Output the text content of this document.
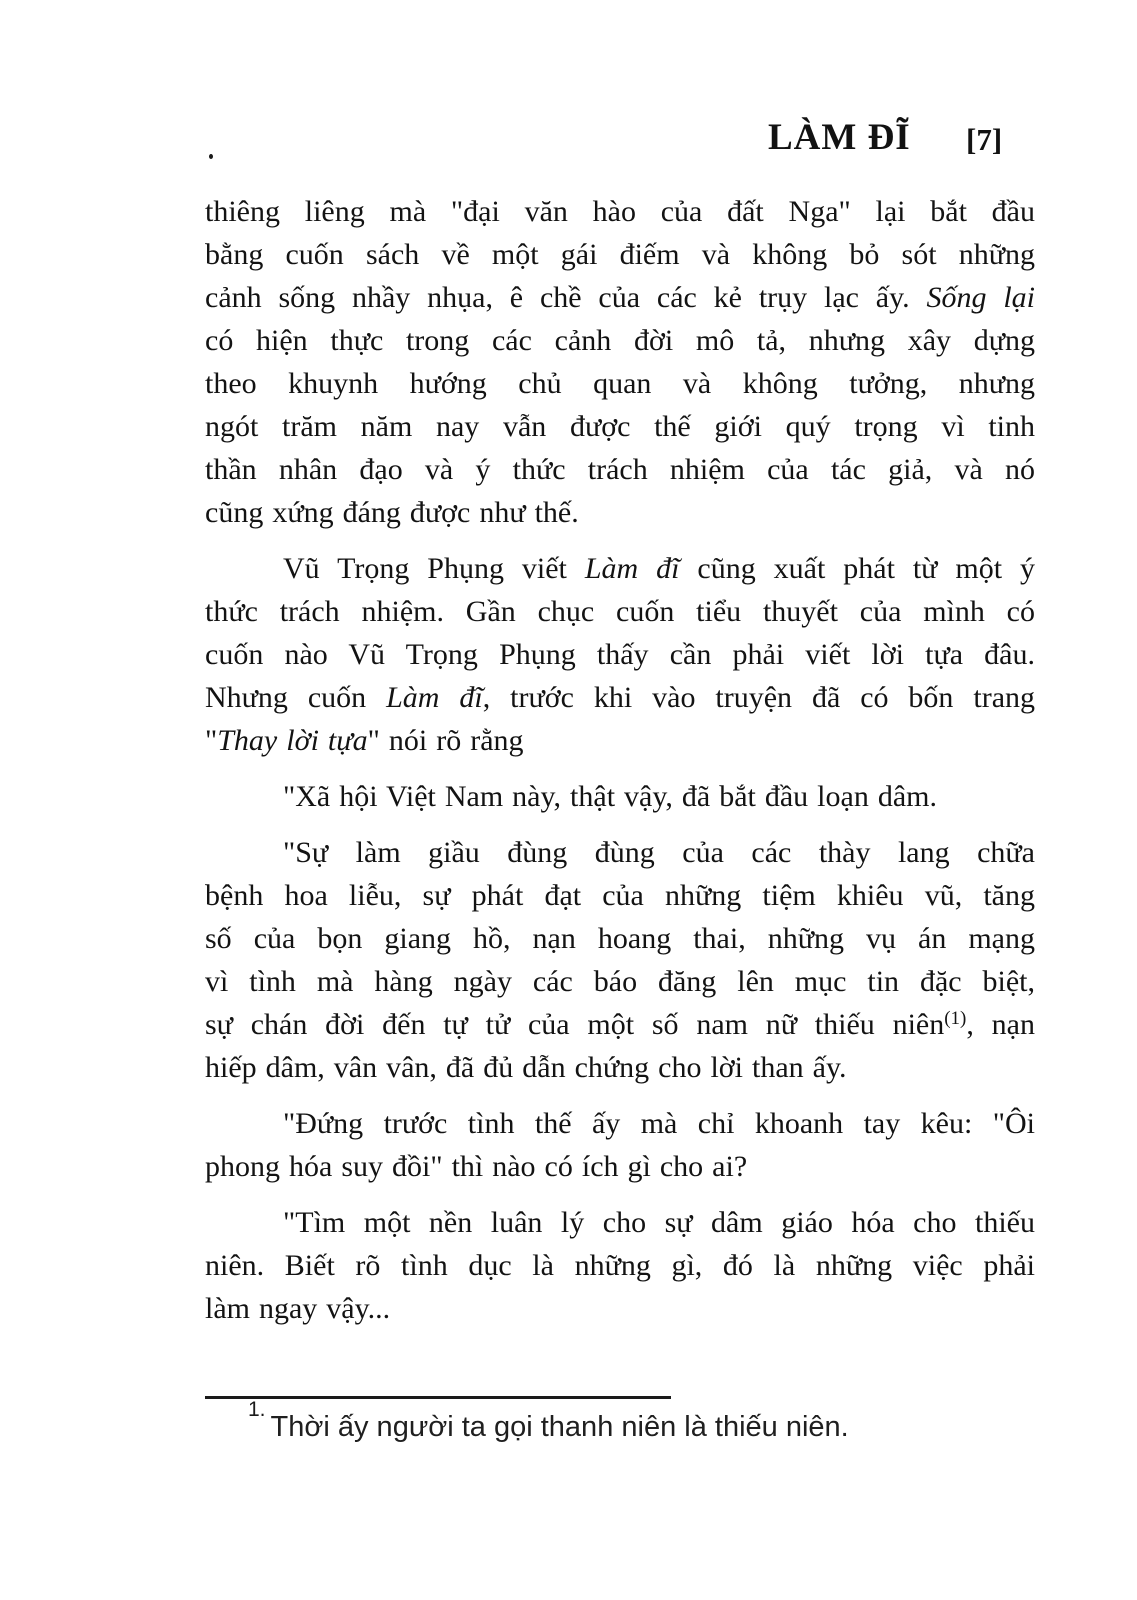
LÀM ĐĨ [7]

thiêng liêng mà "đại văn hào của đất Nga" lại bắt đầu
bằng cuốn sách về một gái điếm và không bỏ sót những
cảnh sống nhầy nhụa, ê chề của các kẻ trụy lạc ấy. Sống lại
có hiện thực trong các cảnh đời mô tả, nhưng xây dựng
theo khuynh hướng chủ quan và không tưởng, nhưng
ngót trăm năm nay vẫn được thế giới quý trọng vì tinh
thần nhân đạo và ý thức trách nhiệm của tác giả, và nó
cũng xứng đáng được như thế.

Vũ Trọng Phụng viết Làm đĩ cũng xuất phát từ một ý
thức trách nhiệm. Gần chục cuốn tiểu thuyết của mình có
cuốn nào Vũ Trọng Phụng thấy cần phải viết lời tựa đâu.
Nhưng cuốn Làm đĩ, trước khi vào truyện đã có bốn trang
"Thay lời tựa" nói rõ rằng

"Xã hội Việt Nam này, thật vậy, đã bắt đầu loạn dâm.

"Sự làm giầu đùng đùng của các thày lang chữa
bệnh hoa liễu, sự phát đạt của những tiệm khiêu vũ, tăng
số của bọn giang hồ, nạn hoang thai, những vụ án mạng
vì tình mà hàng ngày các báo đăng lên mục tin đặc biệt,
sự chán đời đến tự tử của một số nam nữ thiếu niên$^{(1)}$, nạn
hiếp dâm, vân vân, đã đủ dẫn chứng cho lời than ấy.

"Đứng trước tình thế ấy mà chỉ khoanh tay kêu: "Ôi
phong hóa suy đồi" thì nào có ích gì cho ai?

"Tìm một nền luân lý cho sự dâm giáo hóa cho thiếu
niên. Biết rõ tình dục là những gì, đó là những việc phải
làm ngay vậy...

$^{1.}$Thời ấy người ta gọi thanh niên là thiếu niên.
